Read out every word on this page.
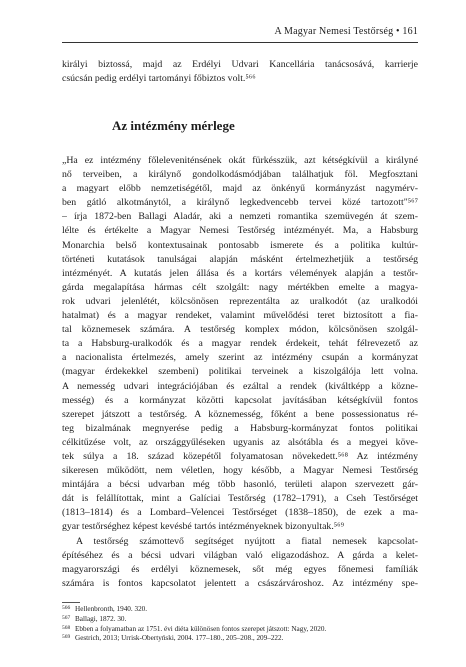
A Magyar Nemesi Testőrség • 161
királyi biztossá, majd az Erdélyi Udvari Kancellária tanácsosává, karrierje
csúcsán pedig erdélyi tartományi főbiztos volt.⁵⁶⁶
Az intézmény mérlege
„Ha ez intézmény főleleveniténsének okát fürkésszük, azt kétségkívül a királyné
nő terveiben, a királynő gondolkodásmódjában találhatjuk föl. Megfosztani
a magyart előbb nemzetiségétől, majd az önkényű kormányzást nagymérv-
ben gátló alkotmánytól, a királynő legkedvencebb tervei közé tartozott"⁵⁶⁷
– írja 1872-ben Ballagi Aladár, aki a nemzeti romantika szemüvegén át szem-
lélte és értékelte a Magyar Nemesi Testőrség intézményét. Ma, a Habsburg
Monarchia belső kontextusainak pontosabb ismerete és a politika kultúr-
történeti kutatások tanulságai alapján másként értelmezhetjük a testőrség
intézményét. A kutatás jelen állása és a kortárs vélemények alapján a testőr-
gárda megalapítása hármas célt szolgált: nagy mértékben emelte a magya-
rok udvari jelenlétét, kölcsönösen reprezentálta az uralkodót (az uralkodói
hatalmat) és a magyar rendeket, valamint művelődési teret biztosított a fia-
tal köznemesek számára. A testőrség komplex módon, kölcsönösen szolgál-
ta a Habsburg-uralkodók és a magyar rendek érdekeit, tehát félrevezető az
a nacionalista értelmezés, amely szerint az intézmény csupán a kormányzat
(magyar érdekekkel szembeni) politikai terveinek a kiszolgálója lett volna.
A nemesség udvari integrációjában és ezáltal a rendek (kiváltképp a közne-
messég) és a kormányzat közötti kapcsolat javításában kétségkívül fontos
szerepet játszott a testőrség. A köznemesség, főként a bene possessionatus ré-
teg bizalmának megnyerése pedig a Habsburg-kormányzat fontos politikai
célkitűzése volt, az országgyűléseken ugyanis az alsótábla és a megyei köve-
tek súlya a 18. század közepétől folyamatosan növekedett.⁵⁶⁸ Az intézmény
sikeresen működött, nem véletlen, hogy később, a Magyar Nemesi Testőrség
mintájára a bécsi udvarban még több hasonló, területi alapon szervezett gár-
dát is felállítottak, mint a Galíciai Testőrség (1782–1791), a Cseh Testőrséget
(1813–1814) és a Lombard–Velencei Testőrséget (1838–1850), de ezek a ma-
gyar testőrséghez képest kevésbé tartós intézményeknek bizonyultak.⁵⁶⁹
A testőrség számottevő segítséget nyújtott a fiatal nemesek kapcsolat-
építéséhez és a bécsi udvari világban való eligazodáshoz. A gárda a kelet-
magyarországi és erdélyi köznemesek, sőt még egyes főnemesi famíliák
számára is fontos kapcsolatot jelentett a császárvároshoz. Az intézmény spe-
566 Hellenbronth, 1940. 320.
567 Ballagi, 1872. 30.
568 Ebben a folyamatban az 1751. évi diéta különösen fontos szerepet játszott: Nagy, 2020.
569 Gestrich, 2013; Urrisk-Obertyński, 2004. 177–180., 205–208., 209–222.
